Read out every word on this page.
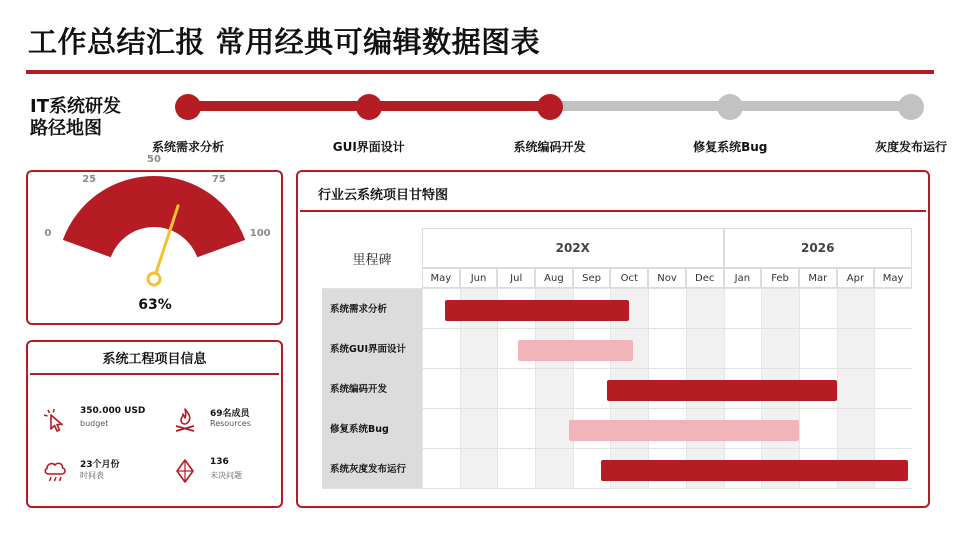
工作总结汇报 常用经典可编辑数据图表
IT系统研发
路径地图
系统需求分析	GUI界面设计	系统编码开发	修复系统Bug	灰度发布运行
0
25
50
75
100
63%
系统工程项目信息
350.000 USD
budget
69名成员
Resources
23个月份
时间表
136
未决问题
行业云系统项目甘特图
里程碑
202X	2026
May	Jun	Jul	Aug	Sep	Oct	Nov	Dec	Jan	Feb	Mar	Apr	May
系统需求分析
系统GUI界面设计
系统编码开发
修复系统Bug
系统灰度发布运行
